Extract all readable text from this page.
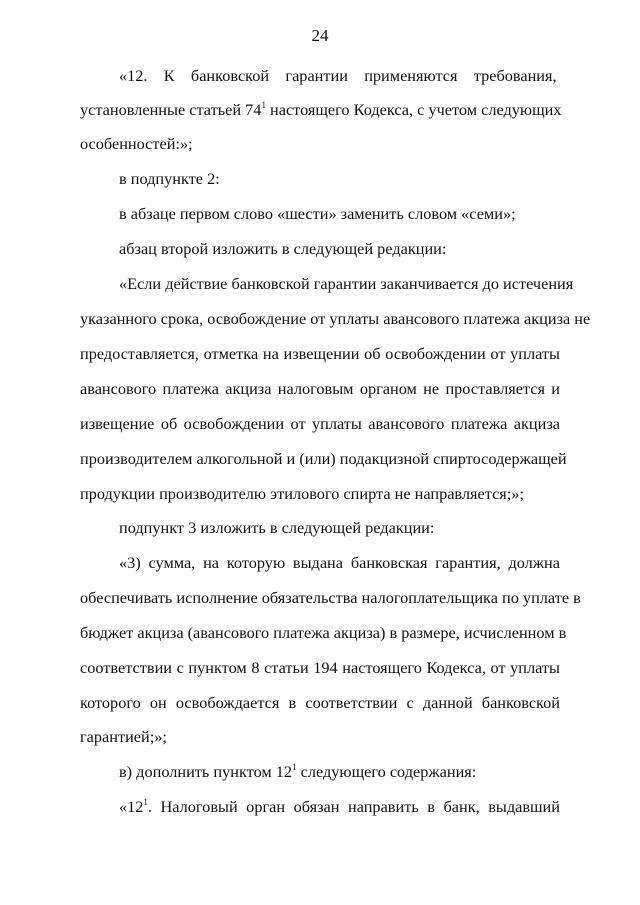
24
«12. К банковской гарантии применяются требования,
установленные статьей $74^1$ настоящего Кодекса, с учетом следующих
особенностей:»;
в подпункте 2:
в абзаце первом слово «шести» заменить словом «семи»;
абзац второй изложить в следующей редакции:
«Если действие банковской гарантии заканчивается до истечения
указанного срока, освобождение от уплаты авансового платежа акциза не
предоставляется, отметка на извещении об освобождении от уплаты
авансового платежа акциза налоговым органом не проставляется и
извещение об освобождении от уплаты авансового платежа акциза
производителем алкогольной и (или) подакцизной спиртосодержащей
продукции производителю этилового спирта не направляется;»;
подпункт 3 изложить в следующей редакции:
«3) сумма, на которую выдана банковская гарантия, должна
обеспечивать исполнение обязательства налогоплательщика по уплате в
бюджет акциза (авансового платежа акциза) в размере, исчисленном в
соответствии с пунктом 8 статьи 194 настоящего Кодекса, от уплаты
которого он освобождается в соответствии с данной банковской
гарантией;»;
в) дополнить пунктом $12^1$ следующего содержания:
«$12^1$. Налоговый орган обязан направить в банк, выдавший
